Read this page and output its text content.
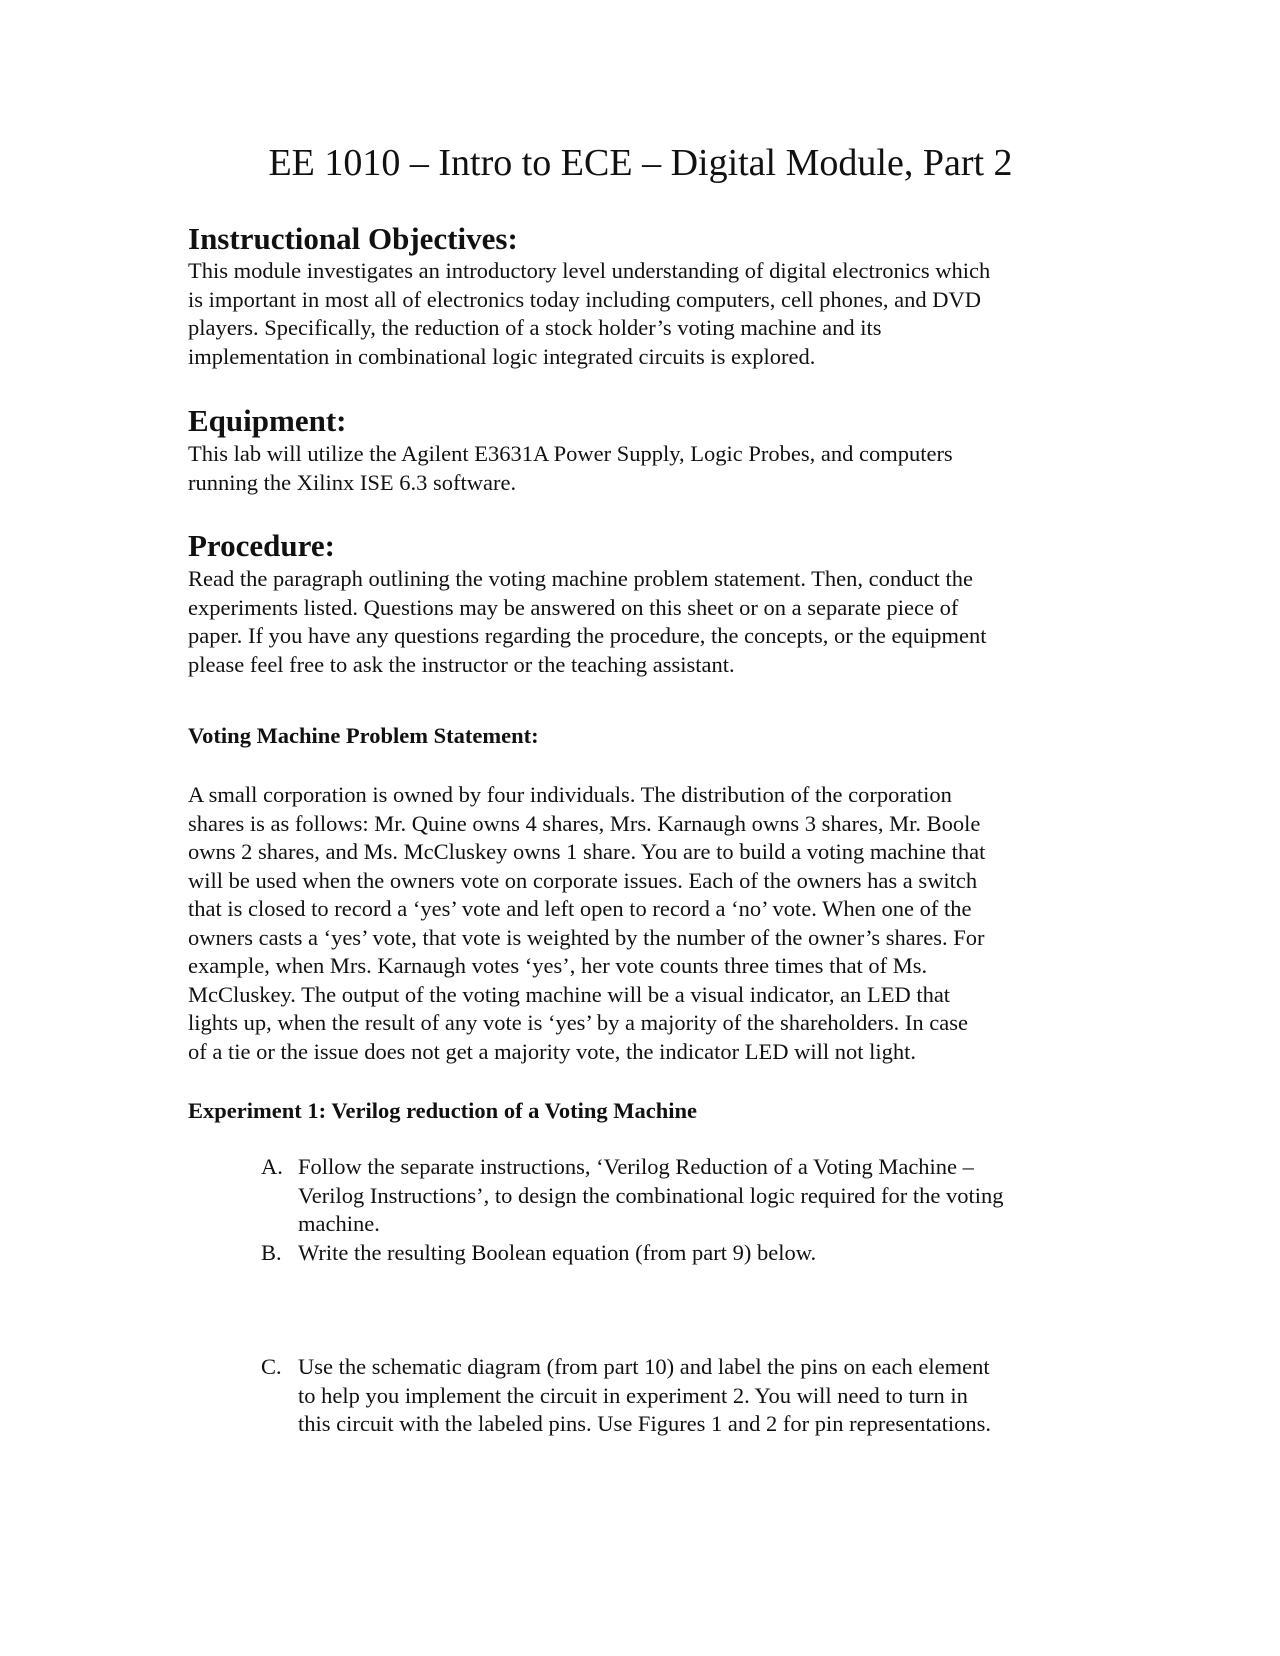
EE 1010 – Intro to ECE – Digital Module, Part 2
Instructional Objectives:
This module investigates an introductory level understanding of digital electronics which
is important in most all of electronics today including computers, cell phones, and DVD
players. Specifically, the reduction of a stock holder’s voting machine and its
implementation in combinational logic integrated circuits is explored.
Equipment:
This lab will utilize the Agilent E3631A Power Supply, Logic Probes, and computers
running the Xilinx ISE 6.3 software.
Procedure:
Read the paragraph outlining the voting machine problem statement. Then, conduct the
experiments listed. Questions may be answered on this sheet or on a separate piece of
paper. If you have any questions regarding the procedure, the concepts, or the equipment
please feel free to ask the instructor or the teaching assistant.
Voting Machine Problem Statement:
A small corporation is owned by four individuals. The distribution of the corporation
shares is as follows: Mr. Quine owns 4 shares, Mrs. Karnaugh owns 3 shares, Mr. Boole
owns 2 shares, and Ms. McCluskey owns 1 share. You are to build a voting machine that
will be used when the owners vote on corporate issues. Each of the owners has a switch
that is closed to record a ‘yes’ vote and left open to record a ‘no’ vote. When one of the
owners casts a ‘yes’ vote, that vote is weighted by the number of the owner’s shares. For
example, when Mrs. Karnaugh votes ‘yes’, her vote counts three times that of Ms.
McCluskey. The output of the voting machine will be a visual indicator, an LED that
lights up, when the result of any vote is ‘yes’ by a majority of the shareholders. In case
of a tie or the issue does not get a majority vote, the indicator LED will not light.
Experiment 1: Verilog reduction of a Voting Machine
A. Follow the separate instructions, ‘Verilog Reduction of a Voting Machine –
Verilog Instructions’, to design the combinational logic required for the voting
machine.
B. Write the resulting Boolean equation (from part 9) below.
C. Use the schematic diagram (from part 10) and label the pins on each element
to help you implement the circuit in experiment 2. You will need to turn in
this circuit with the labeled pins. Use Figures 1 and 2 for pin representations.
